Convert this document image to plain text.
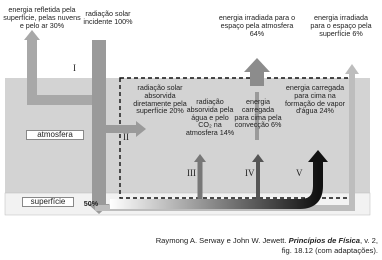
energia refletida pela superfície, pelas nuvens e pelo ar 30%
radiação solar incidente 100%	energia irradiada para o espaço pela atmosfera 64%
energia irradiada para o espaço pela superfície 6%
radiação solar absorvida diretamente pela superfície 20%
radiação absorvida pela água e pelo CO₂ na atmosfera 14%
energia carregada para cima pela convecção 6%
energia carregada para cima na formação de vapor d'água 24%
atmosfera
superfície	50%
I
II
III	IV	V
Raymong A. Serway e John W. Jewett. Princípios de Física, v. 2, fig. 18.12 (com adaptações).
